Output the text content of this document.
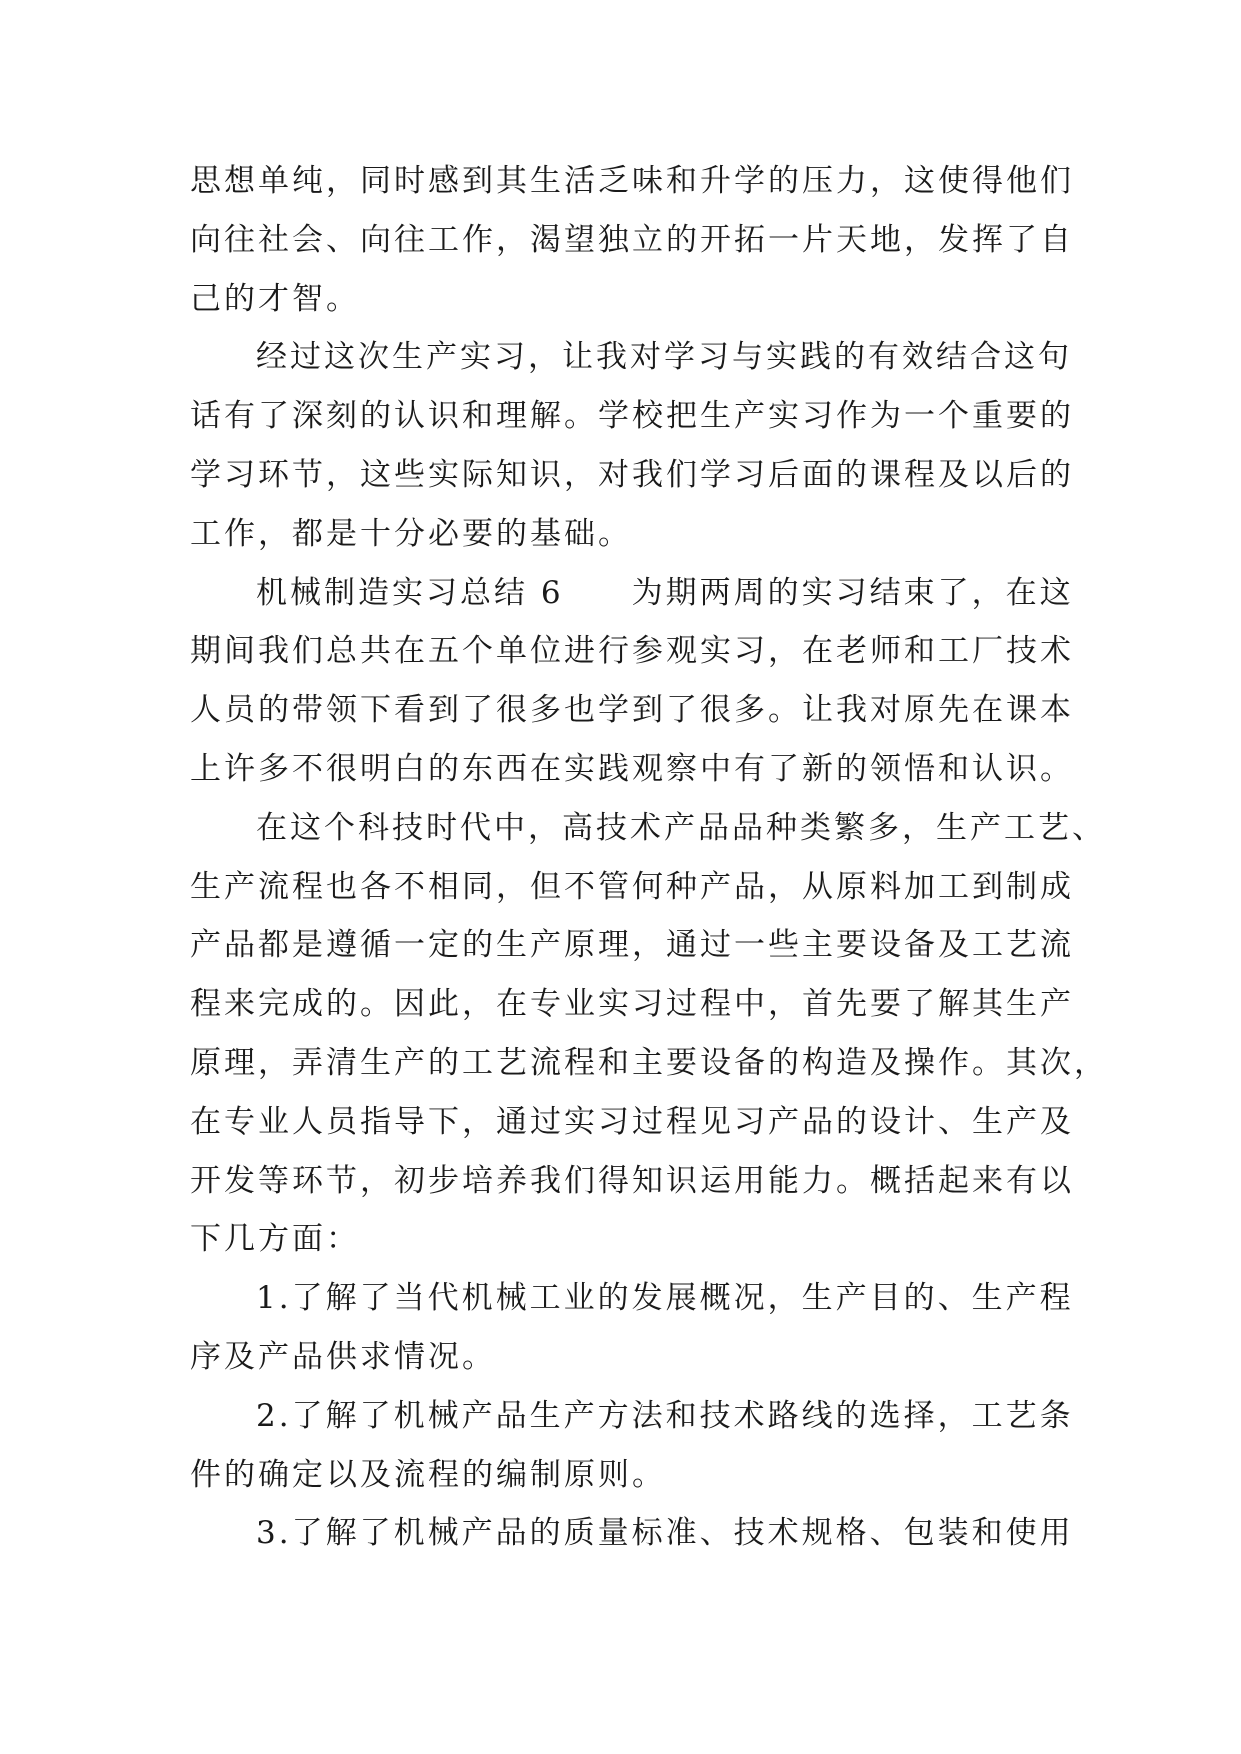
思想单纯，同时感到其生活乏味和升学的压力，这使得他们
向往社会、向往工作，渴望独立的开拓一片天地，发挥了自
己的才智。
经过这次生产实习，让我对学习与实践的有效结合这句
话有了深刻的认识和理解。学校把生产实习作为一个重要的
学习环节，这些实际知识，对我们学习后面的课程及以后的
工作，都是十分必要的基础。
机械制造实习总结 6　　为期两周的实习结束了，在这
期间我们总共在五个单位进行参观实习，在老师和工厂技术
人员的带领下看到了很多也学到了很多。让我对原先在课本
上许多不很明白的东西在实践观察中有了新的领悟和认识。
在这个科技时代中，高技术产品品种类繁多，生产工艺、
生产流程也各不相同，但不管何种产品，从原料加工到制成
产品都是遵循一定的生产原理，通过一些主要设备及工艺流
程来完成的。因此，在专业实习过程中，首先要了解其生产
原理，弄清生产的工艺流程和主要设备的构造及操作。其次，
在专业人员指导下，通过实习过程见习产品的设计、生产及
开发等环节，初步培养我们得知识运用能力。概括起来有以
下几方面：
1.了解了当代机械工业的发展概况，生产目的、生产程
序及产品供求情况。
2.了解了机械产品生产方法和技术路线的选择，工艺条
件的确定以及流程的编制原则。
3.了解了机械产品的质量标准、技术规格、包装和使用
